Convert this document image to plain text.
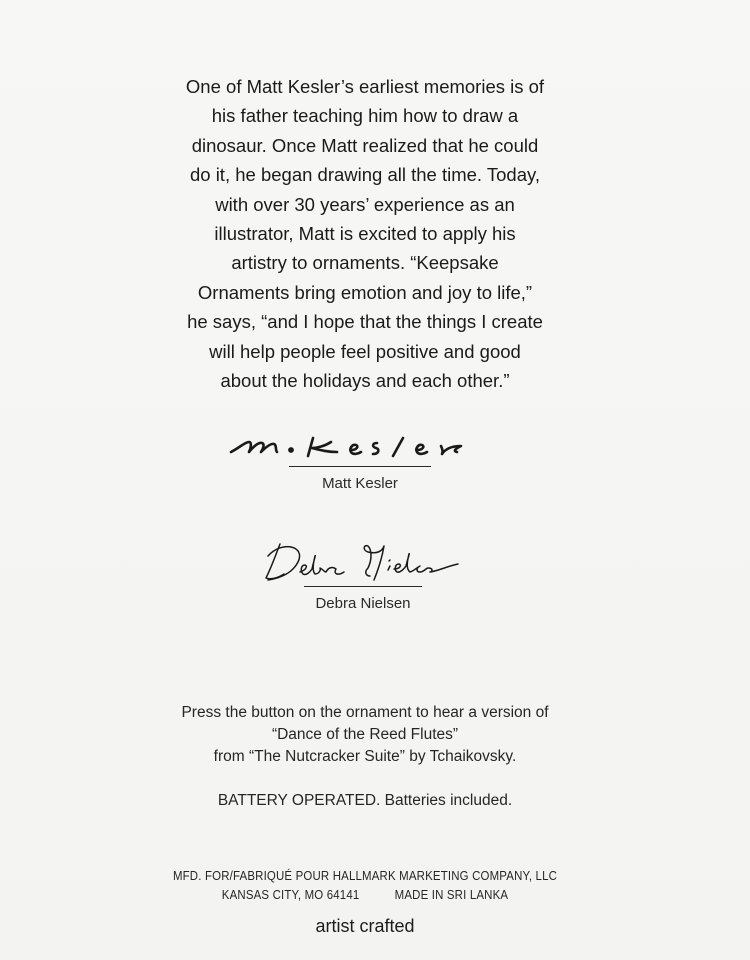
One of Matt Kesler’s earliest memories is of
his father teaching him how to draw a
dinosaur. Once Matt realized that he could
do it, he began drawing all the time. Today,
with over 30 years’ experience as an
illustrator, Matt is excited to apply his
artistry to ornaments. “Keepsake
Ornaments bring emotion and joy to life,”
he says, “and I hope that the things I create
will help people feel positive and good
about the holidays and each other.”
Matt Kesler
Debra Nielsen
Press the button on the ornament to hear a version of
“Dance of the Reed Flutes”
from “The Nutcracker Suite” by Tchaikovsky.
BATTERY OPERATED. Batteries included.
MFD. FOR/FABRIQUÉ POUR HALLMARK MARKETING COMPANY, LLC
KANSAS CITY, MO 64141	MADE IN SRI LANKA
artist crafted
